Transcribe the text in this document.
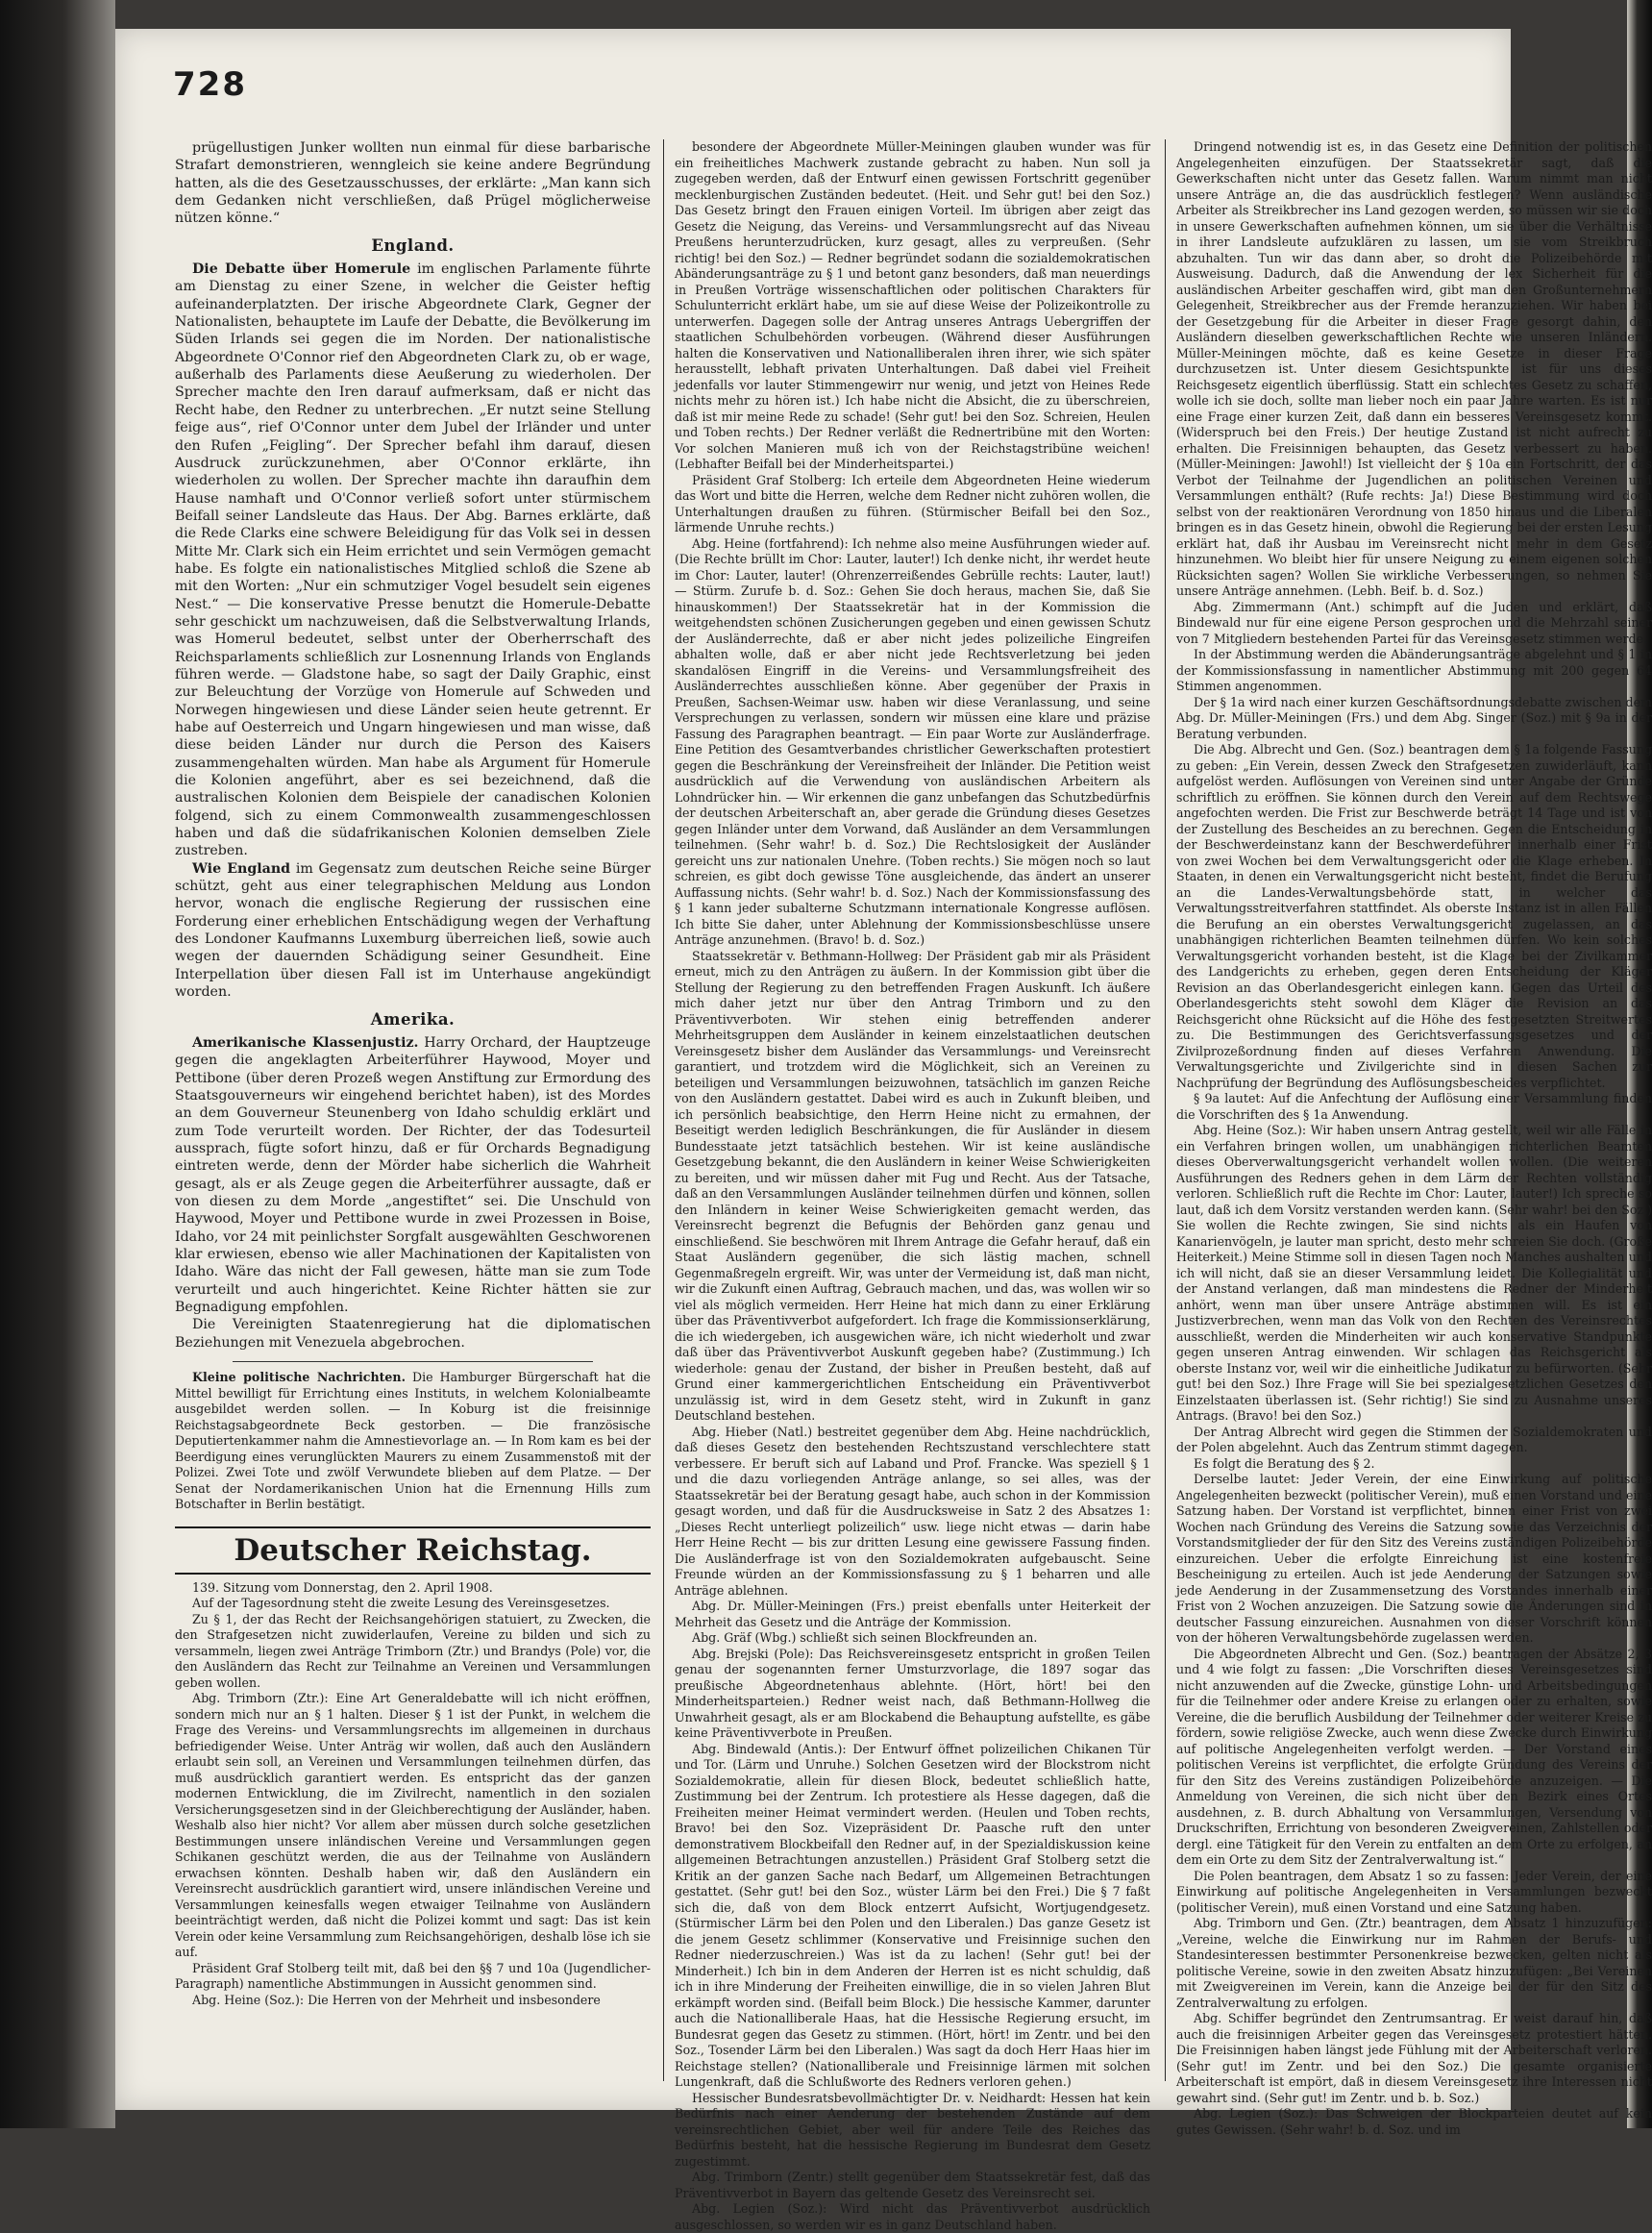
728

prügellustigen Junker wollten nun einmal für diese barbarische Strafart demonstrieren, wenngleich sie keine andere Begründung hatten, als die des Gesetzausschusses, der erklärte: „Man kann sich dem Gedanken nicht verschließen, daß Prügel möglicherweise nützen könne.“

England.

Die Debatte über Homerule im englischen Parlamente führte am Dienstag zu einer Szene, in welcher die Geister heftig aufeinanderplatzten. Der irische Abgeordnete Clark, Gegner der Nationalisten, behauptete im Laufe der Debatte, die Bevölkerung im Süden Irlands sei gegen die im Norden. Der nationalistische Abgeordnete O'Connor rief den Abgeordneten Clark zu, ob er wage, außerhalb des Parlaments diese Aeußerung zu wiederholen. Der Sprecher machte den Iren darauf aufmerksam, daß er nicht das Recht habe, den Redner zu unterbrechen. „Er nutzt seine Stellung feige aus“, rief O'Connor unter dem Jubel der Irländer und unter den Rufen „Feigling“. Der Sprecher befahl ihm darauf, diesen Ausdruck zurückzunehmen, aber O'Connor erklärte, ihn wiederholen zu wollen. Der Sprecher machte ihn daraufhin dem Hause namhaft und O'Connor verließ sofort unter stürmischem Beifall seiner Landsleute das Haus. Der Abg. Barnes erklärte, daß die Rede Clarks eine schwere Beleidigung für das Volk sei in dessen Mitte Mr. Clark sich ein Heim errichtet und sein Vermögen gemacht habe. Es folgte ein nationalistisches Mitglied schloß die Szene ab mit den Worten: „Nur ein schmutziger Vogel besudelt sein eigenes Nest.“ — Die konservative Presse benutzt die Homerule-Debatte sehr geschickt um nachzuweisen, daß die Selbstverwaltung Irlands, was Homerul bedeutet, selbst unter der Oberherrschaft des Reichsparlaments schließlich zur Losnennung Irlands von Englands führen werde. — Gladstone habe, so sagt der Daily Graphic, einst zur Beleuchtung der Vorzüge von Homerule auf Schweden und Norwegen hingewiesen und diese Länder seien heute getrennt. Er habe auf Oesterreich und Ungarn hingewiesen und man wisse, daß diese beiden Länder nur durch die Person des Kaisers zusammengehalten würden. Man habe als Argument für Homerule die Kolonien angeführt, aber es sei bezeichnend, daß die australischen Kolonien dem Beispiele der canadischen Kolonien folgend, sich zu einem Commonwealth zusammengeschlossen haben und daß die südafrikanischen Kolonien demselben Ziele zustreben.

Wie England im Gegensatz zum deutschen Reiche seine Bürger schützt, geht aus einer telegraphischen Meldung aus London hervor, wonach die englische Regierung der russischen eine Forderung einer erheblichen Entschädigung wegen der Verhaftung des Londoner Kaufmanns Luxemburg überreichen ließ, sowie auch wegen der dauernden Schädigung seiner Gesundheit. Eine Interpellation über diesen Fall ist im Unterhause angekündigt worden.

Amerika.

Amerikanische Klassenjustiz. Harry Orchard, der Hauptzeuge gegen die angeklagten Arbeiterführer Haywood, Moyer und Pettibone (über deren Prozeß wegen Anstiftung zur Ermordung des Staatsgouverneurs wir eingehend berichtet haben), ist des Mordes an dem Gouverneur Steunenberg von Idaho schuldig erklärt und zum Tode verurteilt worden. Der Richter, der das Todesurteil aussprach, fügte sofort hinzu, daß er für Orchards Begnadigung eintreten werde, denn der Mörder habe sicherlich die Wahrheit gesagt, als er als Zeuge gegen die Arbeiterführer aussagte, daß er von diesen zu dem Morde „angestiftet“ sei. Die Unschuld von Haywood, Moyer und Pettibone wurde in zwei Prozessen in Boise, Idaho, vor 24 mit peinlichster Sorgfalt ausgewählten Geschworenen klar erwiesen, ebenso wie aller Machinationen der Kapitalisten von Idaho. Wäre das nicht der Fall gewesen, hätte man sie zum Tode verurteilt und auch hingerichtet. Keine Richter hätten sie zur Begnadigung empfohlen.

Die Vereinigten Staatenregierung hat die diplomatischen Beziehungen mit Venezuela abgebrochen.

Kleine politische Nachrichten. Die Hamburger Bürgerschaft hat die Mittel bewilligt für Errichtung eines Instituts, in welchem Kolonialbeamte ausgebildet werden sollen. — In Koburg ist die freisinnige Reichstagsabgeordnete Beck gestorben. — Die französische Deputiertenkammer nahm die Amnestievorlage an. — In Rom kam es bei der Beerdigung eines verunglückten Maurers zu einem Zusammenstoß mit der Polizei. Zwei Tote und zwölf Verwundete blieben auf dem Platze. — Der Senat der Nordamerikanischen Union hat die Ernennung Hills zum Botschafter in Berlin bestätigt.

Deutscher Reichstag.

139. Sitzung vom Donnerstag, den 2. April 1908.

Auf der Tagesordnung steht die zweite Lesung des Vereinsgesetzes.

Zu § 1, der das Recht der Reichsangehörigen statuiert, zu Zwecken, die den Strafgesetzen nicht zuwiderlaufen, Vereine zu bilden und sich zu versammeln, liegen zwei Anträge Trimborn (Ztr.) und Brandys (Pole) vor, die den Ausländern das Recht zur Teilnahme an Vereinen und Versammlungen geben wollen.

Abg. Trimborn (Ztr.): Eine Art Generaldebatte will ich nicht eröffnen, sondern mich nur an § 1 halten. Dieser § 1 ist der Punkt, in welchem die Frage des Vereins- und Versammlungsrechts im allgemeinen in durchaus befriedigender Weise. Unter Anträg wir wollen, daß auch den Ausländern erlaubt sein soll, an Vereinen und Versammlungen teilnehmen dürfen, das muß ausdrücklich garantiert werden. Es entspricht das der ganzen modernen Entwicklung, die im Zivilrecht, namentlich in den sozialen Versicherungsgesetzen sind in der Gleichberechtigung der Ausländer, haben. Weshalb also hier nicht? Vor allem aber müssen durch solche gesetzlichen Bestimmungen unsere inländischen Vereine und Versammlungen gegen Schikanen geschützt werden, die aus der Teilnahme von Ausländern erwachsen könnten. Deshalb haben wir, daß den Ausländern ein Vereinsrecht ausdrücklich garantiert wird, unsere inländischen Vereine und Versammlungen keinesfalls wegen etwaiger Teilnahme von Ausländern beeinträchtigt werden, daß nicht die Polizei kommt und sagt: Das ist kein Verein oder keine Versammlung zum Reichsangehörigen, deshalb löse ich sie auf.

Präsident Graf Stolberg teilt mit, daß bei den §§ 7 und 10a (Jugendlicher-Paragraph) namentliche Abstimmungen in Aussicht genommen sind.

Abg. Heine (Soz.): Die Herren von der Mehrheit und insbesondere

besondere der Abgeordnete Müller-Meiningen glauben wunder was für ein freiheitliches Machwerk zustande gebracht zu haben. Nun soll ja zugegeben werden, daß der Entwurf einen gewissen Fortschritt gegenüber mecklenburgischen Zuständen bedeutet. (Heit. und Sehr gut! bei den Soz.) Das Gesetz bringt den Frauen einigen Vorteil. Im übrigen aber zeigt das Gesetz die Neigung, das Vereins- und Versammlungsrecht auf das Niveau Preußens herunterzudrücken, kurz gesagt, alles zu verpreußen. (Sehr richtig! bei den Soz.) — Redner begründet sodann die sozialdemokratischen Abänderungsanträge zu § 1 und betont ganz besonders, daß man neuerdings in Preußen Vorträge wissenschaftlichen oder politischen Charakters für Schulunterricht erklärt habe, um sie auf diese Weise der Polizeikontrolle zu unterwerfen. Dagegen solle der Antrag unseres Antrags Uebergriffen der staatlichen Schulbehörden vorbeugen. (Während dieser Ausführungen halten die Konservativen und Nationalliberalen ihren ihrer, wie sich später herausstellt, lebhaft privaten Unterhaltungen. Daß dabei viel Freiheit jedenfalls vor lauter Stimmengewirr nur wenig, und jetzt von Heines Rede nichts mehr zu hören ist.) Ich habe nicht die Absicht, die zu überschreien, daß ist mir meine Rede zu schade! (Sehr gut! bei den Soz. Schreien, Heulen und Toben rechts.) Der Redner verläßt die Rednertribüne mit den Worten: Vor solchen Manieren muß ich von der Reichstagstribüne weichen! (Lebhafter Beifall bei der Minderheitspartei.)

Präsident Graf Stolberg: Ich erteile dem Abgeordneten Heine wiederum das Wort und bitte die Herren, welche dem Redner nicht zuhören wollen, die Unterhaltungen draußen zu führen. (Stürmischer Beifall bei den Soz., lärmende Unruhe rechts.)

Abg. Heine (fortfahrend): Ich nehme also meine Ausführungen wieder auf. (Die Rechte brüllt im Chor: Lauter, lauter!) Ich denke nicht, ihr werdet heute im Chor: Lauter, lauter! (Ohrenzerreißendes Gebrülle rechts: Lauter, laut!) — Stürm. Zurufe b. d. Soz.: Gehen Sie doch heraus, machen Sie, daß Sie hinauskommen!) Der Staatssekretär hat in der Kommission die weitgehendsten schönen Zusicherungen gegeben und einen gewissen Schutz der Ausländerrechte, daß er aber nicht jedes polizeiliche Eingreifen abhalten wolle, daß er aber nicht jede Rechtsverletzung bei jeden skandalösen Eingriff in die Vereins- und Versammlungsfreiheit des Ausländerrechtes ausschließen könne. Aber gegenüber der Praxis in Preußen, Sachsen-Weimar usw. haben wir diese Veranlassung, und seine Versprechungen zu verlassen, sondern wir müssen eine klare und präzise Fassung des Paragraphen beantragt. — Ein paar Worte zur Ausländerfrage. Eine Petition des Gesamtverbandes christlicher Gewerkschaften protestiert gegen die Beschränkung der Vereinsfreiheit der Inländer. Die Petition weist ausdrücklich auf die Verwendung von ausländischen Arbeitern als Lohndrücker hin. — Wir erkennen die ganz unbefangen das Schutzbedürfnis der deutschen Arbeiterschaft an, aber gerade die Gründung dieses Gesetzes gegen Inländer unter dem Vorwand, daß Ausländer an dem Versammlungen teilnehmen. (Sehr wahr! b. d. Soz.) Die Rechtslosigkeit der Ausländer gereicht uns zur nationalen Unehre. (Toben rechts.) Sie mögen noch so laut schreien, es gibt doch gewisse Töne ausgleichende, das ändert an unserer Auffassung nichts. (Sehr wahr! b. d. Soz.) Nach der Kommissionsfassung des § 1 kann jeder subalterne Schutzmann internationale Kongresse auflösen. Ich bitte Sie daher, unter Ablehnung der Kommissionsbeschlüsse unsere Anträge anzunehmen. (Bravo! b. d. Soz.)

Staatssekretär v. Bethmann-Hollweg: Der Präsident gab mir als Präsident erneut, mich zu den Anträgen zu äußern. In der Kommission gibt über die Stellung der Regierung zu den betreffenden Fragen Auskunft. Ich äußere mich daher jetzt nur über den Antrag Trimborn und zu den Präventivverboten. Wir stehen einig betreffenden anderer Mehrheitsgruppen dem Ausländer in keinem einzelstaatlichen deutschen Vereinsgesetz bisher dem Ausländer das Versammlungs- und Vereinsrecht garantiert, und trotzdem wird die Möglichkeit, sich an Vereinen zu beteiligen und Versammlungen beizuwohnen, tatsächlich im ganzen Reiche von den Ausländern gestattet. Dabei wird es auch in Zukunft bleiben, und ich persönlich beabsichtige, den Herrn Heine nicht zu ermahnen, der Beseitigt werden lediglich Beschränkungen, die für Ausländer in diesem Bundesstaate jetzt tatsächlich bestehen. Wir ist keine ausländische Gesetzgebung bekannt, die den Ausländern in keiner Weise Schwierigkeiten zu bereiten, und wir müssen daher mit Fug und Recht. Aus der Tatsache, daß an den Versammlungen Ausländer teilnehmen dürfen und können, sollen den Inländern in keiner Weise Schwierigkeiten gemacht werden, das Vereinsrecht begrenzt die Befugnis der Behörden ganz genau und einschließend. Sie beschwören mit Ihrem Antrage die Gefahr herauf, daß ein Staat Ausländern gegenüber, die sich lästig machen, schnell Gegenmaßregeln ergreift. Wir, was unter der Vermeidung ist, daß man nicht, wir die Zukunft einen Auftrag, Gebrauch machen, und das, was wollen wir so viel als möglich vermeiden. Herr Heine hat mich dann zu einer Erklärung über das Präventivverbot aufgefordert. Ich frage die Kommissionserklärung, die ich wiedergeben, ich ausgewichen wäre, ich nicht wiederholt und zwar daß über das Präventivverbot Auskunft gegeben habe? (Zustimmung.) Ich wiederhole: genau der Zustand, der bisher in Preußen besteht, daß auf Grund einer kammergerichtlichen Entscheidung ein Präventivverbot unzulässig ist, wird in dem Gesetz steht, wird in Zukunft in ganz Deutschland bestehen.

Abg. Hieber (Natl.) bestreitet gegenüber dem Abg. Heine nachdrücklich, daß dieses Gesetz den bestehenden Rechtszustand verschlechtere statt verbessere. Er beruft sich auf Laband und Prof. Francke. Was speziell § 1 und die dazu vorliegenden Anträge anlange, so sei alles, was der Staatssekretär bei der Beratung gesagt habe, auch schon in der Kommission gesagt worden, und daß für die Ausdrucksweise in Satz 2 des Absatzes 1: „Dieses Recht unterliegt polizeilich“ usw. liege nicht etwas — darin habe Herr Heine Recht — bis zur dritten Lesung eine gewissere Fassung finden. Die Ausländerfrage ist von den Sozialdemokraten aufgebauscht. Seine Freunde würden an der Kommissionsfassung zu § 1 beharren und alle Anträge ablehnen.

Abg. Dr. Müller-Meiningen (Frs.) preist ebenfalls unter Heiterkeit der Mehrheit das Gesetz und die Anträge der Kommission.

Abg. Gräf (Wbg.) schließt sich seinen Blockfreunden an.

Abg. Brejski (Pole): Das Reichsvereinsgesetz entspricht in großen Teilen genau der sogenannten ferner Umsturzvorlage, die 1897 sogar das preußische Abgeordnetenhaus ablehnte. (Hört, hört! bei den Minderheitsparteien.) Redner weist nach, daß Bethmann-Hollweg die Unwahrheit gesagt, als er am Blockabend die Behauptung aufstellte, es gäbe keine Präventivverbote in Preußen.

Abg. Bindewald (Antis.): Der Entwurf öffnet polizeilichen Chikanen Tür und Tor. (Lärm und Unruhe.) Solchen Gesetzen wird der Blockstrom nicht Sozialdemokratie, allein für diesen Block, bedeutet schließlich hatte, Zustimmung bei der Zentrum. Ich protestiere als Hesse dagegen, daß die Freiheiten meiner Heimat vermindert werden. (Heulen und Toben rechts, Bravo! bei den Soz. Vizepräsident Dr. Paasche ruft den unter demonstrativem Blockbeifall den Redner auf, in der Spezialdiskussion keine allgemeinen Betrachtungen anzustellen.) Präsident Graf Stolberg setzt die Kritik an der ganzen Sache nach Bedarf, um Allgemeinen Betrachtungen gestattet. (Sehr gut! bei den Soz., wüster Lärm bei den Frei.) Die § 7 faßt sich die, daß von dem Block entzerrt Aufsicht, Wortjugendgesetz. (Stürmischer Lärm bei den Polen und den Liberalen.) Das ganze Gesetz ist die jenem Gesetz schlimmer (Konservative und Freisinnige suchen den Redner niederzuschreien.) Was ist da zu lachen! (Sehr gut! bei der Minderheit.) Ich bin in dem Anderen der Herren ist es nicht schuldig, daß ich in ihre Minderung der Freiheiten einwillige, die in so vielen Jahren Blut erkämpft worden sind. (Beifall beim Block.) Die hessische Kammer, darunter auch die Nationalliberale Haas, hat die Hessische Regierung ersucht, im Bundesrat gegen das Gesetz zu stimmen. (Hört, hört! im Zentr. und bei den Soz., Tosender Lärm bei den Liberalen.) Was sagt da doch Herr Haas hier im Reichstage stellen? (Nationalliberale und Freisinnige lärmen mit solchen Lungenkraft, daß die Schlußworte des Redners verloren gehen.)

Hessischer Bundesratsbevollmächtigter Dr. v. Neidhardt: Hessen hat kein Bedürfnis nach einer Aenderung der bestehenden Zustände auf dem vereinsrechtlichen Gebiet, aber weil für andere Teile des Reiches das Bedürfnis besteht, hat die hessische Regierung im Bundesrat dem Gesetz zugestimmt.

Abg. Trimborn (Zentr.) stellt gegenüber dem Staatssekretär fest, daß das Präventivverbot in Bayern das geltende Gesetz des Vereinsrecht sei.

Abg. Legien (Soz.): Wird nicht das Präventivverbot ausdrücklich ausgeschlossen, so werden wir es in ganz Deutschland haben.

Dringend notwendig ist es, in das Gesetz eine Definition der politischen Angelegenheiten einzufügen. Der Staatssekretär sagt, daß die Gewerkschaften nicht unter das Gesetz fallen. Warum nimmt man nicht unsere Anträge an, die das ausdrücklich festlegen? Wenn ausländische Arbeiter als Streikbrecher ins Land gezogen werden, so müssen wir sie doch in unsere Gewerkschaften aufnehmen können, um sie über die Verhältnisse in ihrer Landsleute aufzuklären zu lassen, um sie vom Streikbruch abzuhalten. Tun wir das dann aber, so droht die Polizeibehörde mit Ausweisung. Dadurch, daß die Anwendung der lex Sicherheit für die ausländischen Arbeiter geschaffen wird, gibt man den Großunternehmern Gelegenheit, Streikbrecher aus der Fremde heranzuziehen. Wir haben bei der Gesetzgebung für die Arbeiter in dieser Frage gesorgt dahin, den Ausländern dieselben gewerkschaftlichen Rechte wie unseren Inländern. Müller-Meiningen möchte, daß es keine Gesetze in dieser Frage durchzusetzen ist. Unter diesem Gesichtspunkte ist für uns dieses Reichsgesetz eigentlich überflüssig. Statt ein schlechtes Gesetz zu schaffen, wolle ich sie doch, sollte man lieber noch ein paar Jahre warten. Es ist nur eine Frage einer kurzen Zeit, daß dann ein besseres Vereinsgesetz kommt. (Widerspruch bei den Freis.) Der heutige Zustand ist nicht aufrecht zu erhalten. Die Freisinnigen behaupten, das Gesetz verbessert zu haben. (Müller-Meiningen: Jawohl!) Ist vielleicht der § 10a ein Fortschritt, der das Verbot der Teilnahme der Jugendlichen an politischen Vereinen und Versammlungen enthält? (Rufe rechts: Ja!) Diese Bestimmung wird doch selbst von der reaktionären Verordnung von 1850 hinaus und die Liberalen bringen es in das Gesetz hinein, obwohl die Regierung bei der ersten Lesung erklärt hat, daß ihr Ausbau im Vereinsrecht nicht mehr in dem Gesetz hinzunehmen. Wo bleibt hier für unsere Neigung zu einem eigenen solchen Rücksichten sagen? Wollen Sie wirkliche Verbesserungen, so nehmen Sie unsere Anträge annehmen. (Lebh. Beif. b. d. Soz.)

Abg. Zimmermann (Ant.) schimpft auf die Juden und erklärt, daß Bindewald nur für eine eigene Person gesprochen und die Mehrzahl seiner von 7 Mitgliedern bestehenden Partei für das Vereinsgesetz stimmen werde.

In der Abstimmung werden die Abänderungsanträge abgelehnt und § 1 in der Kommissionsfassung in namentlicher Abstimmung mit 200 gegen 64 Stimmen angenommen.

Der § 1a wird nach einer kurzen Geschäftsordnungsdebatte zwischen dem Abg. Dr. Müller-Meiningen (Frs.) und dem Abg. Singer (Soz.) mit § 9a in der Beratung verbunden.

Die Abg. Albrecht und Gen. (Soz.) beantragen dem § 1a folgende Fassung zu geben: „Ein Verein, dessen Zweck den Strafgesetzen zuwiderläuft, kann aufgelöst werden. Auflösungen von Vereinen sind unter Angabe der Gründe schriftlich zu eröffnen. Sie können durch den Verein auf dem Rechtswege angefochten werden. Die Frist zur Beschwerde beträgt 14 Tage und ist von der Zustellung des Bescheides an zu berechnen. Gegen die Entscheidung in der Beschwerdeinstanz kann der Beschwerdeführer innerhalb einer Frist von zwei Wochen bei dem Verwaltungsgericht oder die Klage erheben. In Staaten, in denen ein Verwaltungsgericht nicht besteht, findet die Berufung an die Landes-Verwaltungsbehörde statt, in welcher das Verwaltungsstreitverfahren stattfindet. Als oberste Instanz ist in allen Fällen die Berufung an ein oberstes Verwaltungsgericht zugelassen, an das unabhängigen richterlichen Beamten teilnehmen dürfen. Wo kein solches Verwaltungsgericht vorhanden besteht, ist die Klage bei der Zivilkammer des Landgerichts zu erheben, gegen deren Entscheidung der Kläger Revision an das Oberlandesgericht einlegen kann. Gegen das Urteil des Oberlandesgerichts steht sowohl dem Kläger die Revision an das Reichsgericht ohne Rücksicht auf die Höhe des festgesetzten Streitwertes zu. Die Bestimmungen des Gerichtsverfassungsgesetzes und der Zivilprozeßordnung finden auf dieses Verfahren Anwendung. Die Verwaltungsgerichte und Zivilgerichte sind in diesen Sachen zur Nachprüfung der Begründung des Auflösungsbescheides verpflichtet.

§ 9a lautet: Auf die Anfechtung der Auflösung einer Versammlung finden die Vorschriften des § 1a Anwendung.

Abg. Heine (Soz.): Wir haben unsern Antrag gestellt, weil wir alle Fälle in ein Verfahren bringen wollen, um unabhängigen richterlichen Beamten dieses Oberverwaltungsgericht verhandelt wollen wollen. (Die weiteren Ausführungen des Redners gehen in dem Lärm der Rechten vollständig verloren. Schließlich ruft die Rechte im Chor: Lauter, lauter!) Ich spreche so laut, daß ich dem Vorsitz verstanden werden kann. (Sehr wahr! bei den Soz.) Sie wollen die Rechte zwingen, Sie sind nichts als ein Haufen von Kanarienvögeln, je lauter man spricht, desto mehr schreien Sie doch. (Große Heiterkeit.) Meine Stimme soll in diesen Tagen noch Manches aushalten und ich will nicht, daß sie an dieser Versammlung leidet. Die Kollegialität und der Anstand verlangen, daß man mindestens die Redner der Minderheit anhört, wenn man über unsere Anträge abstimmen will. Es ist ein Justizverbrechen, wenn man das Volk von den Rechten des Vereinsrechtes ausschließt, werden die Minderheiten wir auch konservative Standpunkte gegen unseren Antrag einwenden. Wir schlagen das Reichsgericht als oberste Instanz vor, weil wir die einheitliche Judikatur zu befürworten. (Sehr gut! bei den Soz.) Ihre Frage will Sie bei spezialgesetzlichen Gesetzes den Einzelstaaten überlassen ist. (Sehr richtig!) Sie sind zu Ausnahme unseres Antrags. (Bravo! bei den Soz.)

Der Antrag Albrecht wird gegen die Stimmen der Sozialdemokraten und der Polen abgelehnt. Auch das Zentrum stimmt dagegen.

Es folgt die Beratung des § 2.

Derselbe lautet: Jeder Verein, der eine Einwirkung auf politische Angelegenheiten bezweckt (politischer Verein), muß einen Vorstand und eine Satzung haben. Der Vorstand ist verpflichtet, binnen einer Frist von zwei Wochen nach Gründung des Vereins die Satzung sowie das Verzeichnis der Vorstandsmitglieder der für den Sitz des Vereins zuständigen Polizeibehörde einzureichen. Ueber die erfolgte Einreichung ist eine kostenfreie Bescheinigung zu erteilen. Auch ist jede Aenderung der Satzungen sowie jede Aenderung in der Zusammensetzung des Vorstandes innerhalb einer Frist von 2 Wochen anzuzeigen. Die Satzung sowie die Änderungen sind in deutscher Fassung einzureichen. Ausnahmen von dieser Vorschrift können von der höheren Verwaltungsbehörde zugelassen werden.

Die Abgeordneten Albrecht und Gen. (Soz.) beantragen der Absätze 2, 3 und 4 wie folgt zu fassen: „Die Vorschriften dieses Vereinsgesetzes sind nicht anzuwenden auf die Zwecke, günstige Lohn- und Arbeitsbedingungen für die Teilnehmer oder andere Kreise zu erlangen oder zu erhalten, sowie Vereine, die die beruflich Ausbildung der Teilnehmer oder weiterer Kreise zu fördern, sowie religiöse Zwecke, auch wenn diese Zwecke durch Einwirkung auf politische Angelegenheiten verfolgt werden. — Der Vorstand eines politischen Vereins ist verpflichtet, die erfolgte Gründung des Vereins der für den Sitz des Vereins zuständigen Polizeibehörde anzuzeigen. — Die Anmeldung von Vereinen, die sich nicht über den Bezirk eines Ortes ausdehnen, z. B. durch Abhaltung von Versammlungen, Versendung von Druckschriften, Errichtung von besonderen Zweigvereinen, Zahlstellen oder dergl. eine Tätigkeit für den Verein zu entfalten an dem Orte zu erfolgen, an dem ein Orte zu dem Sitz der Zentralverwaltung ist.“

Die Polen beantragen, dem Absatz 1 so zu fassen: Jeder Verein, der eine Einwirkung auf politische Angelegenheiten in Versammlungen bezweckt (politischer Verein), muß einen Vorstand und eine Satzung haben.

Abg. Trimborn und Gen. (Ztr.) beantragen, dem Absatz 1 hinzuzufügen: „Vereine, welche die Einwirkung nur im Rahmen der Berufs- und Standesinteressen bestimmter Personenkreise bezwecken, gelten nicht als politische Vereine, sowie in den zweiten Absatz hinzuzufügen: „Bei Vereinen mit Zweigvereinen im Verein, kann die Anzeige bei der für den Sitz des Zentralverwaltung zu erfolgen.

Abg. Schiffer begründet den Zentrumsantrag. Er weist darauf hin, daß auch die freisinnigen Arbeiter gegen das Vereinsgesetz protestiert hätten. Die Freisinnigen haben längst jede Fühlung mit der Arbeiterschaft verloren. (Sehr gut! im Zentr. und bei den Soz.) Die gesamte organisierte Arbeiterschaft ist empört, daß in diesem Vereinsgesetz ihre Interessen nicht gewahrt sind. (Sehr gut! im Zentr. und b. b. Soz.)

Abg. Legien (Soz.): Das Schweigen der Blockparteien deutet auf kein gutes Gewissen. (Sehr wahr! b. d. Soz. und im
